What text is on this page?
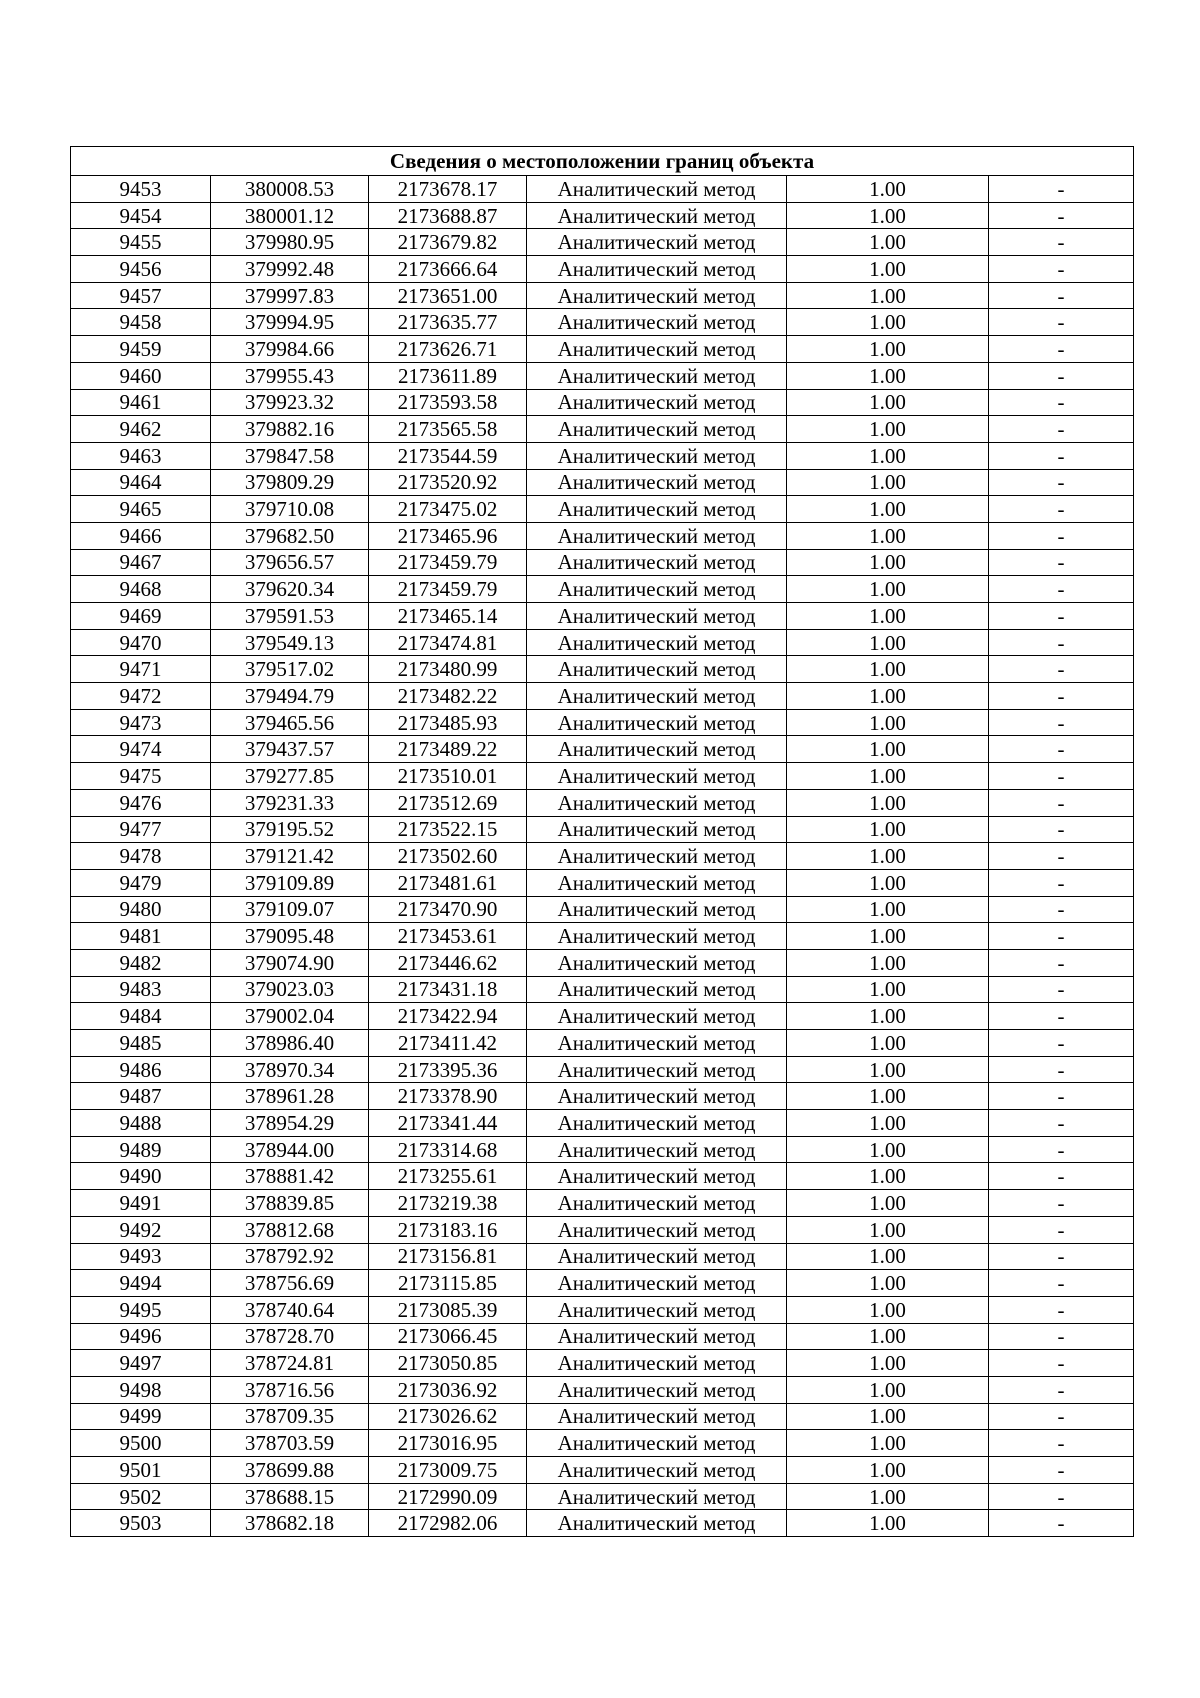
Сведения о местоположении границ объекта					
9453	380008.53	2173678.17	Аналитический метод	1.00	-
9454	380001.12	2173688.87	Аналитический метод	1.00	-
9455	379980.95	2173679.82	Аналитический метод	1.00	-
9456	379992.48	2173666.64	Аналитический метод	1.00	-
9457	379997.83	2173651.00	Аналитический метод	1.00	-
9458	379994.95	2173635.77	Аналитический метод	1.00	-
9459	379984.66	2173626.71	Аналитический метод	1.00	-
9460	379955.43	2173611.89	Аналитический метод	1.00	-
9461	379923.32	2173593.58	Аналитический метод	1.00	-
9462	379882.16	2173565.58	Аналитический метод	1.00	-
9463	379847.58	2173544.59	Аналитический метод	1.00	-
9464	379809.29	2173520.92	Аналитический метод	1.00	-
9465	379710.08	2173475.02	Аналитический метод	1.00	-
9466	379682.50	2173465.96	Аналитический метод	1.00	-
9467	379656.57	2173459.79	Аналитический метод	1.00	-
9468	379620.34	2173459.79	Аналитический метод	1.00	-
9469	379591.53	2173465.14	Аналитический метод	1.00	-
9470	379549.13	2173474.81	Аналитический метод	1.00	-
9471	379517.02	2173480.99	Аналитический метод	1.00	-
9472	379494.79	2173482.22	Аналитический метод	1.00	-
9473	379465.56	2173485.93	Аналитический метод	1.00	-
9474	379437.57	2173489.22	Аналитический метод	1.00	-
9475	379277.85	2173510.01	Аналитический метод	1.00	-
9476	379231.33	2173512.69	Аналитический метод	1.00	-
9477	379195.52	2173522.15	Аналитический метод	1.00	-
9478	379121.42	2173502.60	Аналитический метод	1.00	-
9479	379109.89	2173481.61	Аналитический метод	1.00	-
9480	379109.07	2173470.90	Аналитический метод	1.00	-
9481	379095.48	2173453.61	Аналитический метод	1.00	-
9482	379074.90	2173446.62	Аналитический метод	1.00	-
9483	379023.03	2173431.18	Аналитический метод	1.00	-
9484	379002.04	2173422.94	Аналитический метод	1.00	-
9485	378986.40	2173411.42	Аналитический метод	1.00	-
9486	378970.34	2173395.36	Аналитический метод	1.00	-
9487	378961.28	2173378.90	Аналитический метод	1.00	-
9488	378954.29	2173341.44	Аналитический метод	1.00	-
9489	378944.00	2173314.68	Аналитический метод	1.00	-
9490	378881.42	2173255.61	Аналитический метод	1.00	-
9491	378839.85	2173219.38	Аналитический метод	1.00	-
9492	378812.68	2173183.16	Аналитический метод	1.00	-
9493	378792.92	2173156.81	Аналитический метод	1.00	-
9494	378756.69	2173115.85	Аналитический метод	1.00	-
9495	378740.64	2173085.39	Аналитический метод	1.00	-
9496	378728.70	2173066.45	Аналитический метод	1.00	-
9497	378724.81	2173050.85	Аналитический метод	1.00	-
9498	378716.56	2173036.92	Аналитический метод	1.00	-
9499	378709.35	2173026.62	Аналитический метод	1.00	-
9500	378703.59	2173016.95	Аналитический метод	1.00	-
9501	378699.88	2173009.75	Аналитический метод	1.00	-
9502	378688.15	2172990.09	Аналитический метод	1.00	-
9503	378682.18	2172982.06	Аналитический метод	1.00	-
